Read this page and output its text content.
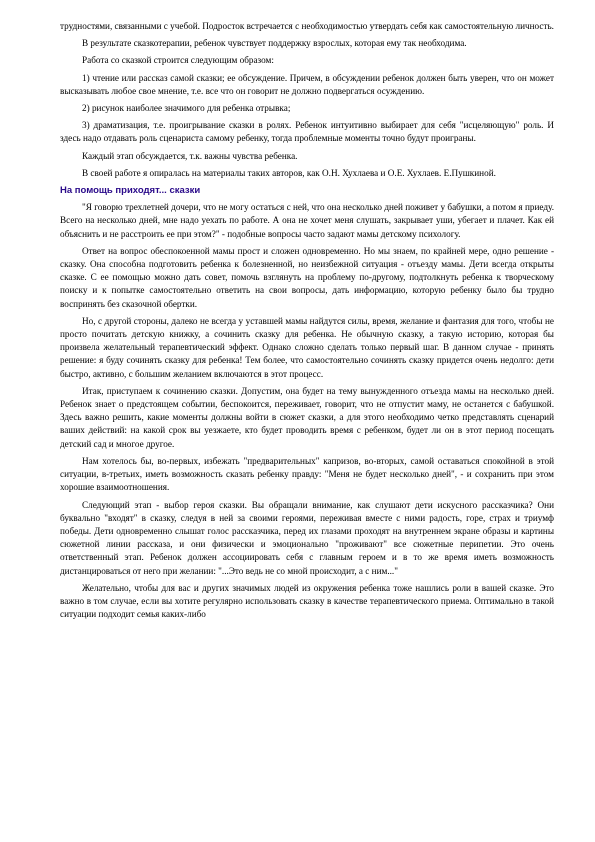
трудностями, связанными с учебой. Подросток встречается с необходимостью утвердать себя как самостоятельную личность.

В результате сказкотерапии, ребенок чувствует поддержку взрослых, которая ему так необходима.

Работа со сказкой строится следующим образом:

1) чтение или рассказ самой сказки; ее обсуждение. Причем, в обсуждении ребенок должен быть уверен, что он может высказывать любое свое мнение, т.е. все что он говорит не должно подвергаться осуждению.

2) рисунок наиболее значимого для ребенка отрывка;

3) драматизация, т.е. проигрывание сказки в ролях. Ребенок интуитивно выбирает для себя "исцеляющую" роль. И здесь надо отдавать роль сценариста самому ребенку, тогда проблемные моменты точно будут проиграны.

Каждый этап обсуждается, т.к. важны чувства ребенка.

В своей работе я опиралась на материалы таких авторов, как О.Н. Хухлаева и О.Е. Хухлаев. Е.Пушкиной.

На помощь приходят... сказки

"Я говорю трехлетней дочери, что не могу остаться с ней, что она несколько дней поживет у бабушки, а потом я приеду. Всего на несколько дней, мне надо уехать по работе. А она не хочет меня слушать, закрывает уши, убегает и плачет. Как ей объяснить и не расстроить ее при этом?" - подобные вопросы часто задают мамы детскому психологу.

Ответ на вопрос обеспокоенной мамы прост и сложен одновременно. Но мы знаем, по крайней мере, одно решение - сказку. Она способна подготовить ребенка к болезненной, но неизбежной ситуация - отъезду мамы. Дети всегда открыты сказке. С ее помощью можно дать совет, помочь взглянуть на проблему по-другому, подтолкнуть ребенка к творческому поиску и к попытке самостоятельно ответить на свои вопросы, дать информацию, которую ребенку было бы трудно воспринять без сказочной обертки.

Но, с другой стороны, далеко не всегда у уставшей мамы найдутся силы, время, желание и фантазия для того, чтобы не просто почитать детскую книжку, а сочинить сказку для ребенка. Не обычную сказку, а такую историю, которая бы произвела желательный терапевтический эффект. Однако сложно сделать только первый шаг. В данном случае - принять решение: я буду сочинять сказку для ребенка! Тем более, что самостоятельно сочинять сказку придется очень недолго: дети быстро, активно, с большим желанием включаются в этот процесс.

Итак, приступаем к сочинению сказки. Допустим, она будет на тему вынужденного отъезда мамы на несколько дней. Ребенок знает о предстоящем событии, беспокоится, переживает, говорит, что не отпустит маму, не останется с бабушкой. Здесь важно решить, какие моменты должны войти в сюжет сказки, а для этого необходимо четко представлять сценарий ваших действий: на какой срок вы уезжаете, кто будет проводить время с ребенком, будет ли он в этот период посещать детский сад и многое другое.

Нам хотелось бы, во-первых, избежать "предварительных" капризов, во-вторых, самой оставаться спокойной в этой ситуации, в-третьих, иметь возможность сказать ребенку правду: "Меня не будет несколько дней", - и сохранить при этом хорошие взаимоотношения.

Следующий этап - выбор героя сказки. Вы обращали внимание, как слушают дети искусного рассказчика? Они буквально "входят" в сказку, следуя в ней за своими героями, переживая вместе с ними радость, горе, страх и триумф победы. Дети одновременно слышат голос рассказчика, перед их глазами проходят на внутреннем экране образы и картины сюжетной линии рассказа, и они физически и эмоционально "проживают" все сюжетные перипетии. Это очень ответственный этап. Ребенок должен ассоциировать себя с главным героем и в то же время иметь возможность дистанцироваться от него при желании: "...Это ведь не со мной происходит, а с ним..."

Желательно, чтобы для вас и других значимых людей из окружения ребенка тоже нашлись роли в вашей сказке. Это важно в том случае, если вы хотите регулярно использовать сказку в качестве терапевтического приема. Оптимально в такой ситуации подходит семья каких-либо
